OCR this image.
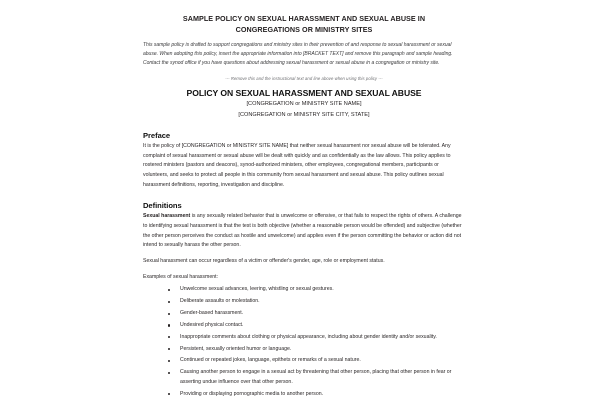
SAMPLE POLICY ON SEXUAL HARASSMENT AND SEXUAL ABUSE IN
CONGREGATIONS OR MINISTRY SITES

This sample policy is drafted to support congregations and ministry sites in their prevention of and response to sexual harassment or sexual abuse. When adopting this policy, insert the appropriate information into [BRACKET TEXT] and remove this paragraph and sample heading. Contact the synod office if you have questions about addressing sexual harassment or sexual abuse in a congregation or ministry site.

--- Remove this and the instructional text and line above when using this policy ---
POLICY ON SEXUAL HARASSMENT AND SEXUAL ABUSE
[CONGREGATION or MINISTRY SITE NAME]
[CONGREGATION or MINISTRY SITE CITY, STATE]
Preface

It is the policy of [CONGREGATION or MINISTRY SITE NAME] that neither sexual harassment nor sexual abuse will be tolerated. Any complaint of sexual harassment or sexual abuse will be dealt with quickly and as confidentially as the law allows. This policy applies to rostered ministers (pastors and deacons), synod-authorized ministers, other employees, congregational members, participants or volunteers, and seeks to protect all people in this community from sexual harassment and sexual abuse. This policy outlines sexual harassment definitions, reporting, investigation and discipline.

Definitions

Sexual harassment is any sexually related behavior that is unwelcome or offensive, or that fails to respect the rights of others. A challenge to identifying sexual harassment is that the test is both objective (whether a reasonable person would be offended) and subjective (whether the other person perceives the conduct as hostile and unwelcome) and applies even if the person committing the behavior or action did not intend to sexually harass the other person.

Sexual harassment can occur regardless of a victim or offender's gender, age, role or employment status.

Examples of sexual harassment:

Unwelcome sexual advances, leering, whistling or sexual gestures.
Deliberate assaults or molestation.
Gender-based harassment.
Undesired physical contact.
Inappropriate comments about clothing or physical appearance, including about gender identity and/or sexuality.
Persistent, sexually oriented humor or language.
Continued or repeated jokes, language, epithets or remarks of a sexual nature.
Causing another person to engage in a sexual act by threatening that other person, placing that other person in fear or asserting undue influence over that other person.
Providing or displaying pornographic media to another person.
